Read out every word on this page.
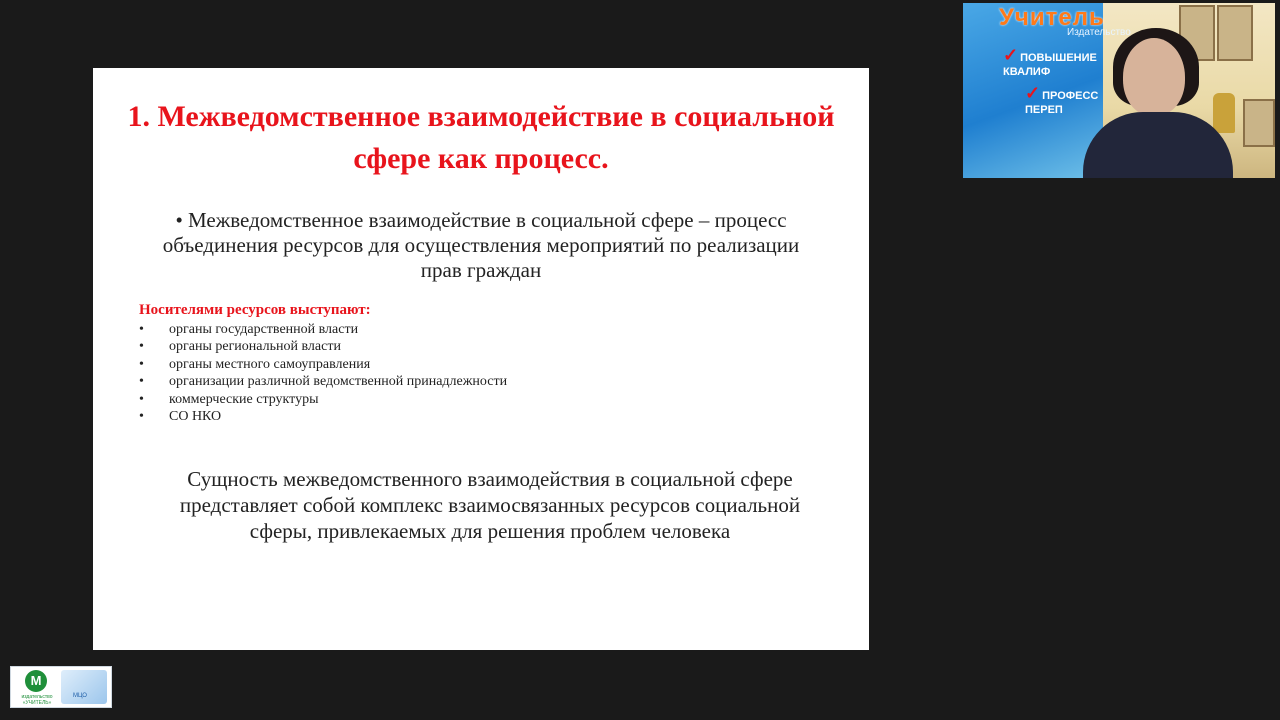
1. Межведомственное взаимодействие в социальной сфере как процесс.
• Межведомственное взаимодействие в социальной сфере – процесс объединения ресурсов для осуществления мероприятий по реализации прав граждан
Носителями ресурсов выступают:
• органы государственной власти
• органы региональной власти
• органы местного самоуправления
• организации различной ведомственной принадлежности
• коммерческие структуры
• СО НКО
Сущность межведомственного взаимодействия в социальной сфере представляет собой комплекс взаимосвязанных ресурсов социальной сферы, привлекаемых для решения проблем человека
Учитель
Издательство
✓ ПОВЫШЕНИЕ КВАЛИФ
✓ ПРОФЕСС ПЕРЕП
М
издательство «УЧИТЕЛЬ»
МЦО
